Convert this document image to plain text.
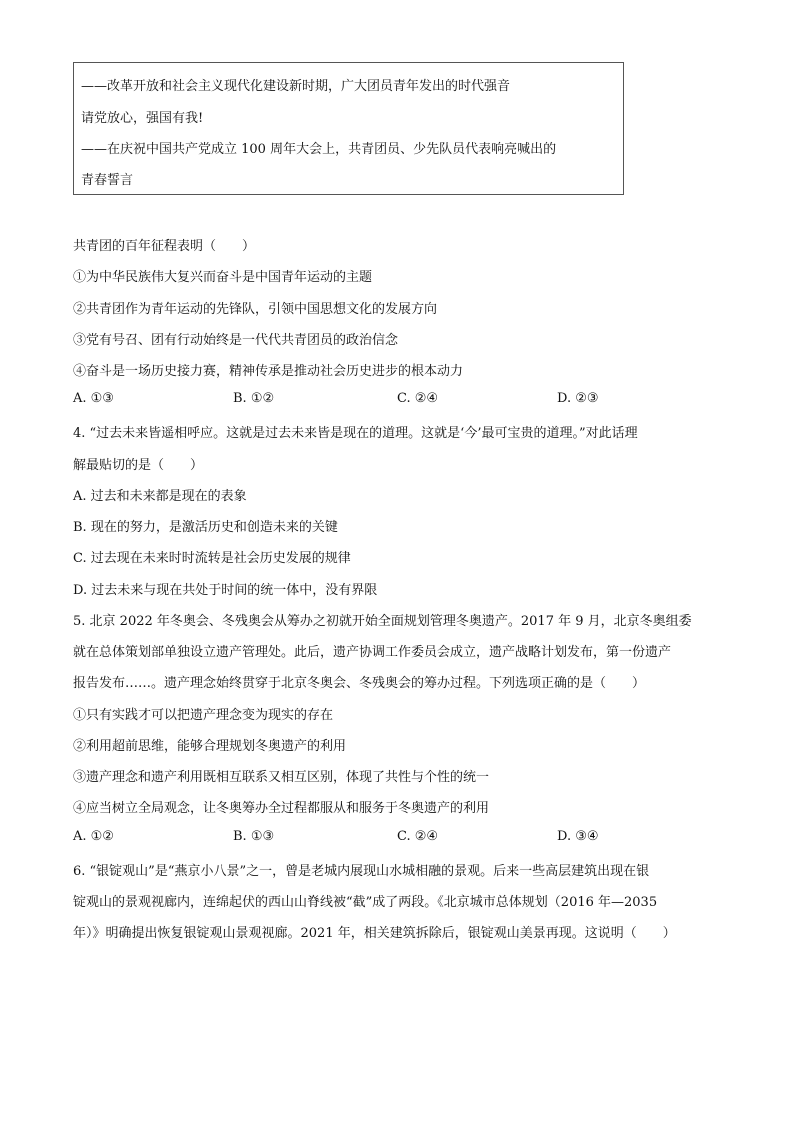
——改革开放和社会主义现代化建设新时期，广大团员青年发出的时代强音
请党放心，强国有我!
——在庆祝中国共产党成立 100 周年大会上，共青团员、少先队员代表响亮喊出的
青春誓言
共青团的百年征程表明（　　）
①为中华民族伟大复兴而奋斗是中国青年运动的主题
②共青团作为青年运动的先锋队，引领中国思想文化的发展方向
③党有号召、团有行动始终是一代代共青团员的政治信念
④奋斗是一场历史接力赛，精神传承是推动社会历史进步的根本动力
A. ①③	B. ①②	C. ②④	D. ②③
4. “过去未来皆遥相呼应。这就是过去未来皆是现在的道理。这就是‘今’最可宝贵的道理。”对此话理
解最贴切的是（　　）
A. 过去和未来都是现在的表象
B. 现在的努力，是激活历史和创造未来的关键
C. 过去现在未来时时流转是社会历史发展的规律
D. 过去未来与现在共处于时间的统一体中，没有界限
5. 北京 2022 年冬奥会、冬残奥会从筹办之初就开始全面规划管理冬奥遗产。2017 年 9 月，北京冬奥组委
就在总体策划部单独设立遗产管理处。此后，遗产协调工作委员会成立，遗产战略计划发布，第一份遗产
报告发布……。遗产理念始终贯穿于北京冬奥会、冬残奥会的筹办过程。下列选项正确的是（　　）
①只有实践才可以把遗产理念变为现实的存在
②利用超前思维，能够合理规划冬奥遗产的利用
③遗产理念和遗产利用既相互联系又相互区别，体现了共性与个性的统一
④应当树立全局观念，让冬奥筹办全过程都服从和服务于冬奥遗产的利用
A. ①②	B. ①③	C. ②④	D. ③④
6. “银锭观山”是“燕京小八景”之一，曾是老城内展现山水城相融的景观。后来一些高层建筑出现在银
锭观山的景观视廊内，连绵起伏的西山山脊线被“截”成了两段。《北京城市总体规划（2016 年—2035
年）》明确提出恢复银锭观山景观视廊。2021 年，相关建筑拆除后，银锭观山美景再现。这说明（　　）
